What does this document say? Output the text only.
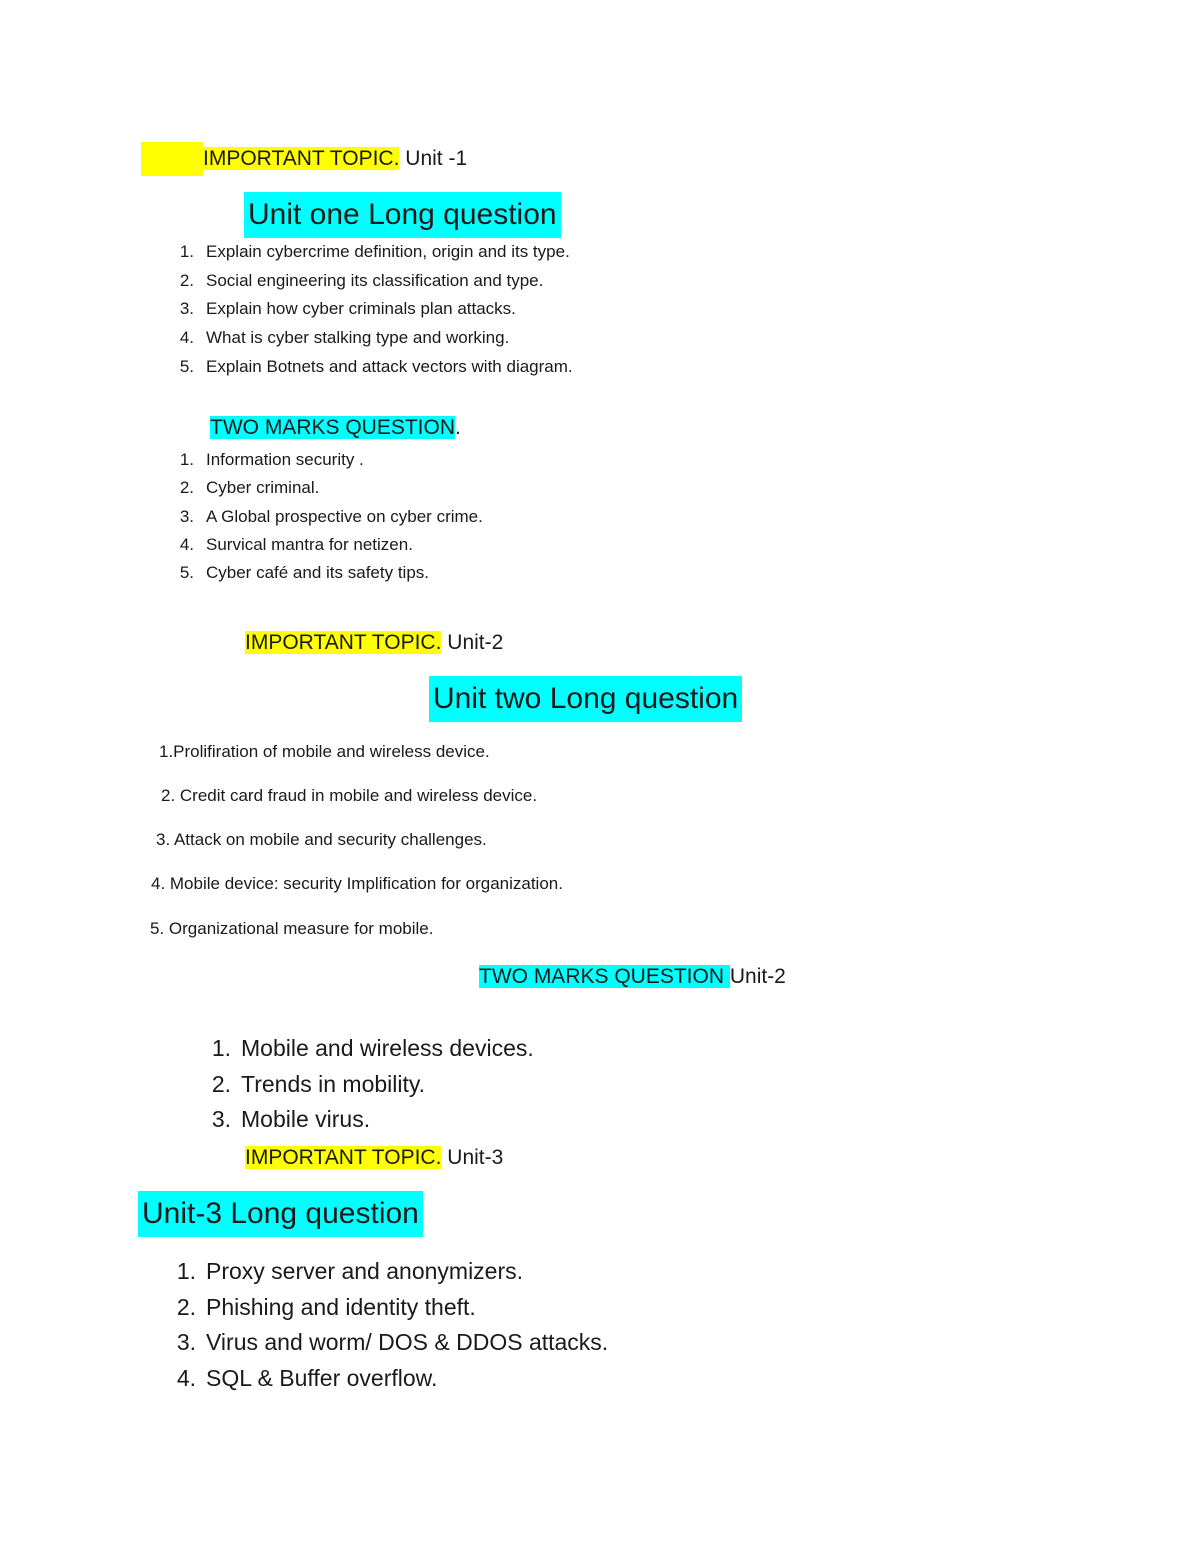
IMPORTANT TOPIC. Unit -1
Unit one Long question
1. Explain cybercrime definition, origin and its type.
2. Social engineering its classification and type.
3. Explain how cyber criminals plan attacks.
4. What is cyber stalking type and working.
5. Explain Botnets and attack vectors with diagram.
TWO MARKS QUESTION.
1. Information security .
2. Cyber criminal.
3. A Global prospective on cyber crime.
4. Survical mantra for netizen.
5. Cyber café and its safety tips.
IMPORTANT TOPIC. Unit-2
Unit two Long question
1.Prolifiration of mobile and wireless device.
2. Credit card fraud in mobile and wireless device.
3. Attack on mobile and security challenges.
4. Mobile device: security Implification for organization.
5. Organizational measure for mobile.
TWO MARKS QUESTION Unit-2
1. Mobile and wireless devices.
2. Trends in mobility.
3. Mobile virus.
IMPORTANT TOPIC. Unit-3
Unit-3 Long question
1. Proxy server and anonymizers.
2. Phishing and identity theft.
3. Virus and worm/ DOS & DDOS attacks.
4. SQL & Buffer overflow.
